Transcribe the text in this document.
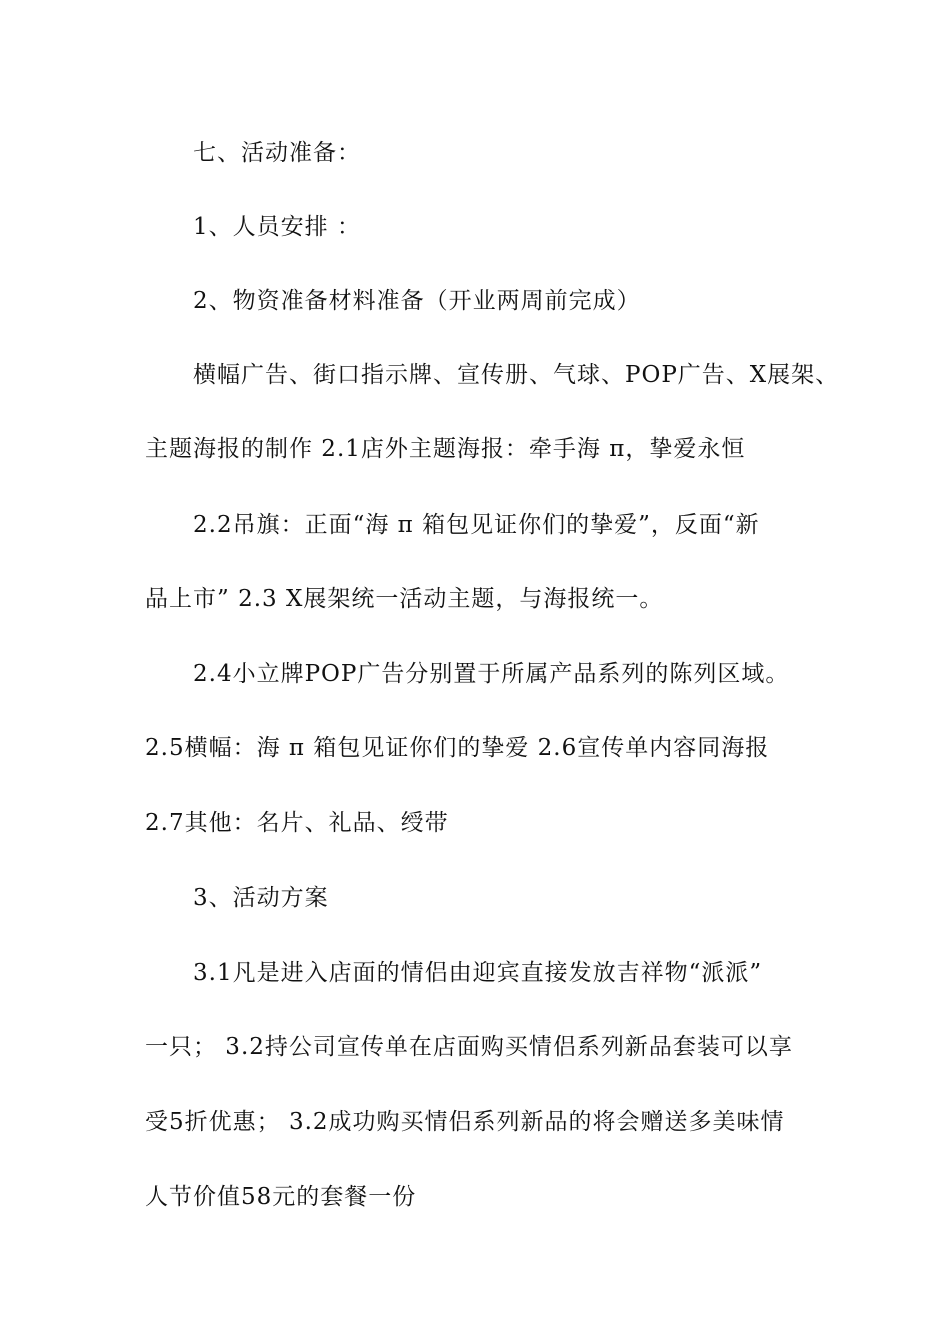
七、活动准备：
1、人员安排 ：
2、物资准备材料准备（开业两周前完成）
横幅广告、街口指示牌、宣传册、气球、POP广告、X展架、
主题海报的制作 2.1店外主题海报：牵手海 π，挚爱永恒
2.2吊旗：正面“海 π 箱包见证你们的挚爱”，反面“新
品上市” 2.3 X展架统一活动主题，与海报统一。
2.4小立牌POP广告分别置于所属产品系列的陈列区域。
2.5横幅：海 π 箱包见证你们的挚爱 2.6宣传单内容同海报
2.7其他：名片、礼品、绶带
3、活动方案
3.1凡是进入店面的情侣由迎宾直接发放吉祥物“派派”
一只； 3.2持公司宣传单在店面购买情侣系列新品套装可以享
受5折优惠； 3.2成功购买情侣系列新品的将会赠送多美味情
人节价值58元的套餐一份
